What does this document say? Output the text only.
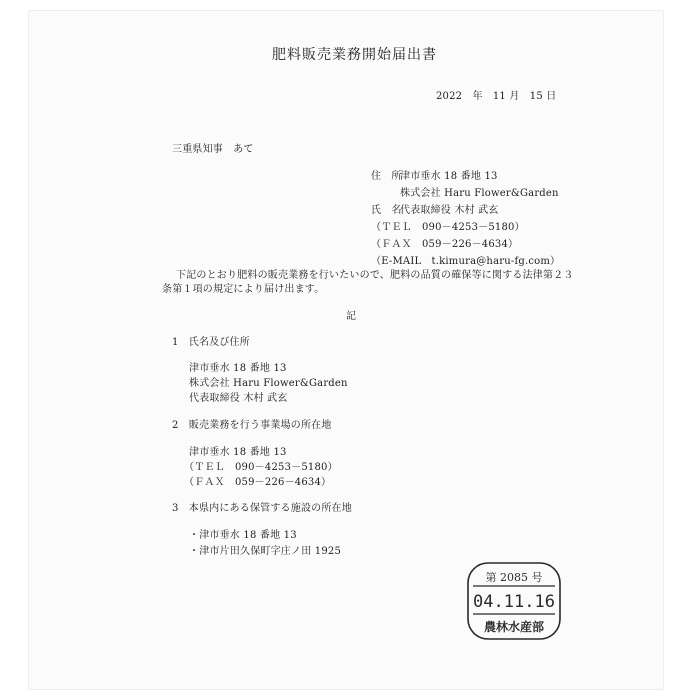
肥料販売業務開始届出書
2022　年　11 月　15 日
三重県知事　あて
住　所
津市垂水 18 番地 13
株式会社 Haru Flower&Garden
氏　名
代表取締役 木村 武玄
（ＴＥＬ　090－4253－5180）
（ＦＡＸ　059－226－4634）
（E-MAIL　t.kimura@haru-fg.com）
下記のとおり肥料の販売業務を行いたいので、肥料の品質の確保等に関する法律第２３
条第１項の規定により届け出ます。
記
1　氏名及び住所
津市垂水 18 番地 13
株式会社 Haru Flower&Garden
代表取締役 木村 武玄
2　販売業務を行う事業場の所在地
津市垂水 18 番地 13
（ＴＥＬ　090－4253－5180）
（ＦＡＸ　059－226－4634）
3　本県内にある保管する施設の所在地
・津市垂水 18 番地 13
・津市片田久保町字庄ノ田 1925
第 2085 号
04.11.16
農林水産部
